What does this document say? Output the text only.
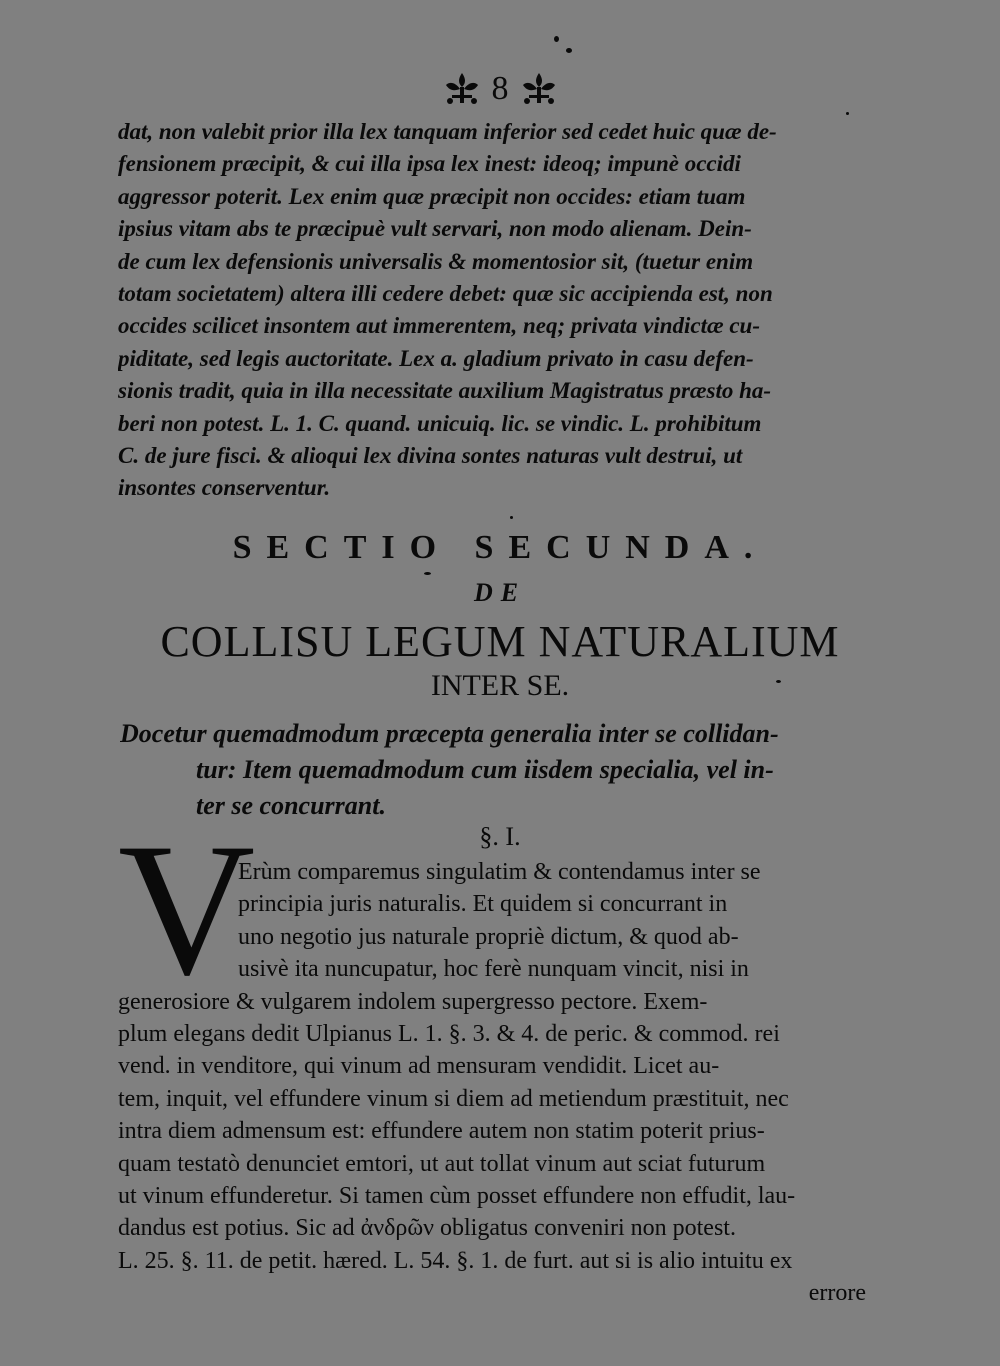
8
dat, non valebit prior illa lex tanquam inferior sed cedet huic quæ de-
fensionem præcipit, & cui illa ipsa lex inest: ideoq; impunè occidi
aggressor poterit. Lex enim quæ præcipit non occides: etiam tuam
ipsius vitam abs te præcipuè vult servari, non modo alienam. Dein-
de cum lex defensionis universalis & momentosior sit, (tuetur enim
totam societatem) altera illi cedere debet: quæ sic accipienda est, non
occides scilicet insontem aut immerentem, neq; privata vindictæ cu-
piditate, sed legis auctoritate. Lex a. gladium privato in casu defen-
sionis tradit, quia in illa necessitate auxilium Magistratus præsto ha-
beri non potest. L. 1. C. quand. unicuiq. lic. se vindic. L. prohibitum
C. de jure fisci. & alioqui lex divina sontes naturas vult destrui, ut
insontes conserventur.
SECTIO SECUNDA.
DE
COLLISU LEGUM NATURALIUM
INTER SE.
Docetur quemadmodum præcepta generalia inter se collidan-
tur: Item quemadmodum cum iisdem specialia, vel in-
ter se concurrant.
§. I.
V
Erùm comparemus singulatim & contendamus inter se
principia juris naturalis. Et quidem si concurrant in
uno negotio jus naturale propriè dictum, & quod ab-
usivè ita nuncupatur, hoc ferè nunquam vincit, nisi in
generosiore & vulgarem indolem supergresso pectore. Exem-
plum elegans dedit Ulpianus L. 1. §. 3. & 4. de peric. & commod. rei
vend. in venditore, qui vinum ad mensuram vendidit. Licet au-
tem, inquit, vel effundere vinum si diem ad metiendum præstituit, nec
intra diem admensum est: effundere autem non statim poterit prius-
quam testatò denunciet emtori, ut aut tollat vinum aut sciat futurum
ut vinum effunderetur. Si tamen cùm posset effundere non effudit, lau-
dandus est potius. Sic ad ἀνδρῶν obligatus conveniri non potest.
L. 25. §. 11. de petit. hæred. L. 54. §. 1. de furt. aut si is alio intuitu ex
errore
